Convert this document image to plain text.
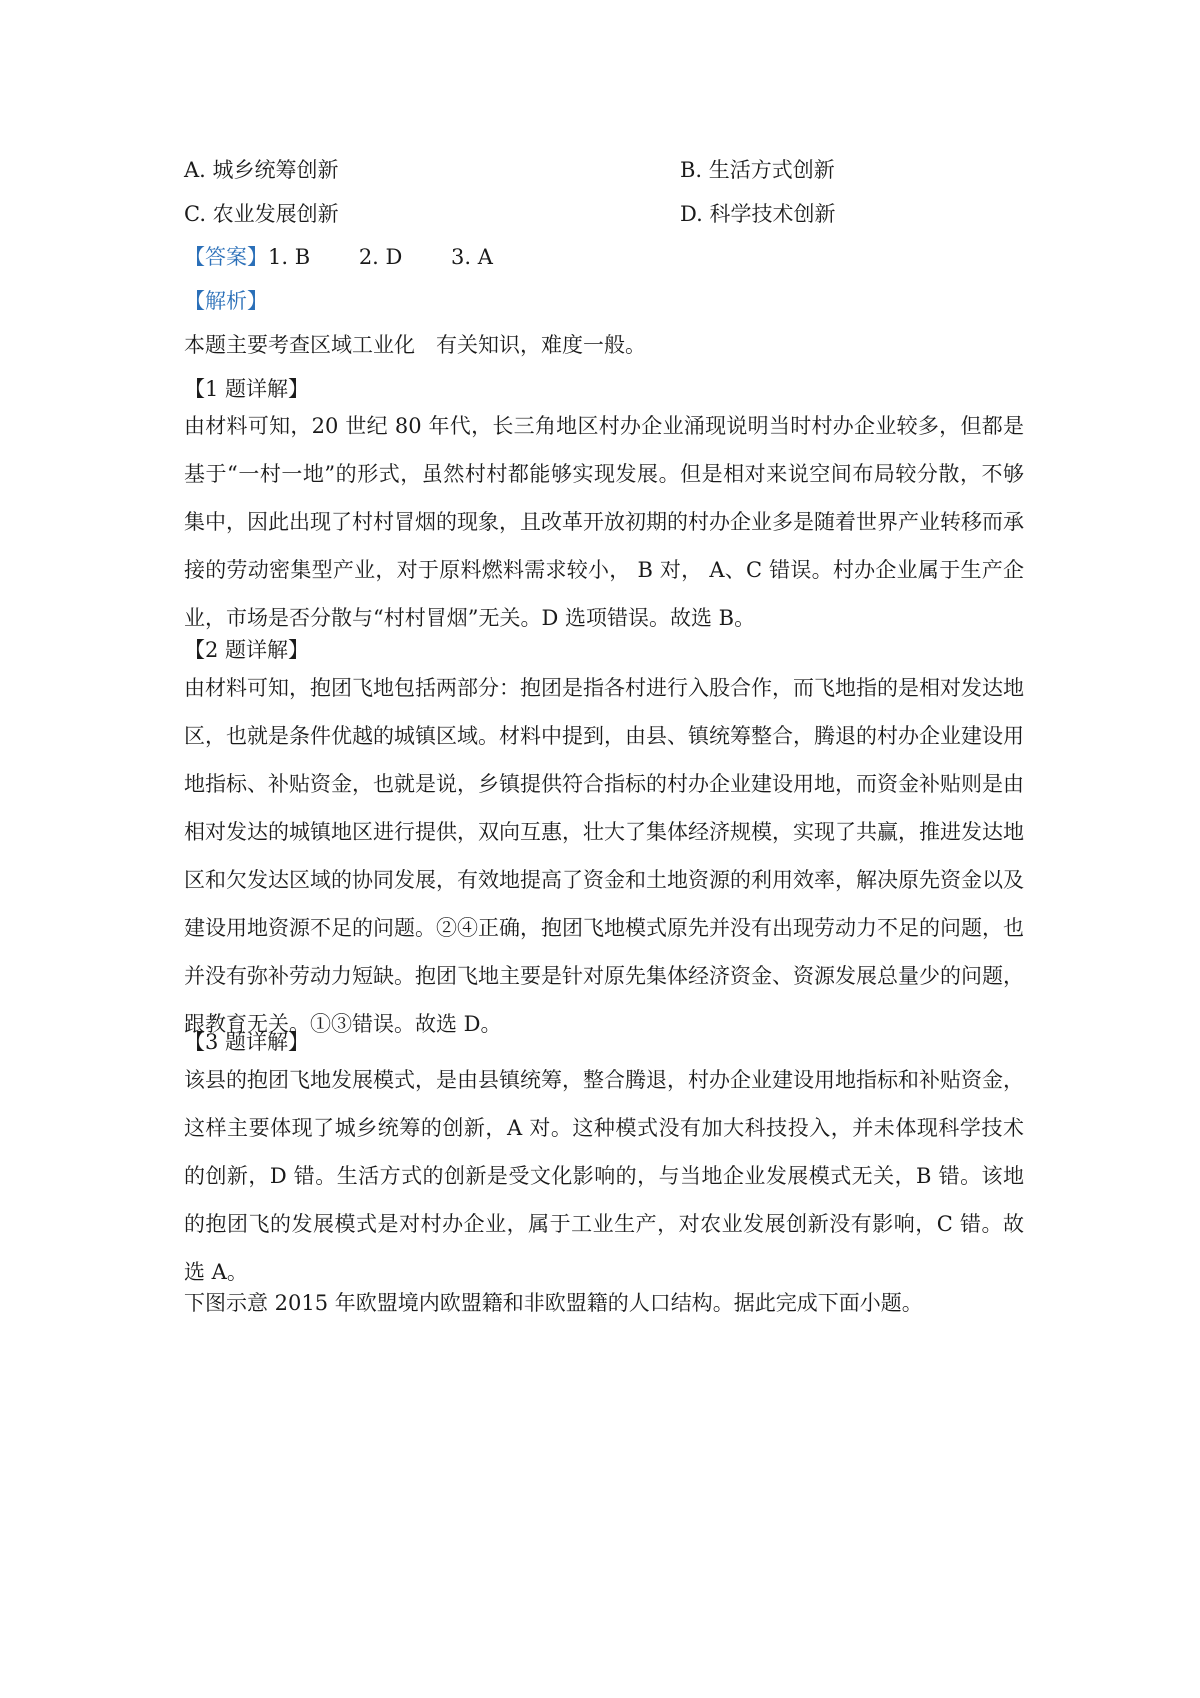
A. 城乡统筹创新	B. 生活方式创新
C. 农业发展创新	D. 科学技术创新
【答案】1. B 　　2. D 　　3. A
【解析】
本题主要考查区域工业化　有关知识，难度一般。
【1 题详解】
由材料可知，20 世纪 80 年代，长三角地区村办企业涌现说明当时村办企业较多，但都是基于“一村一地”的形式，虽然村村都能够实现发展。但是相对来说空间布局较分散，不够集中，因此出现了村村冒烟的现象，且改革开放初期的村办企业多是随着世界产业转移而承接的劳动密集型产业，对于原料燃料需求较小， B 对， A、C 错误。村办企业属于生产企业，市场是否分散与“村村冒烟”无关。D 选项错误。故选 B。
【2 题详解】
由材料可知，抱团飞地包括两部分：抱团是指各村进行入股合作，而飞地指的是相对发达地区，也就是条件优越的城镇区域。材料中提到，由县、镇统筹整合，腾退的村办企业建设用地指标、补贴资金，也就是说，乡镇提供符合指标的村办企业建设用地，而资金补贴则是由相对发达的城镇地区进行提供，双向互惠，壮大了集体经济规模，实现了共赢，推进发达地区和欠发达区域的协同发展，有效地提高了资金和土地资源的利用效率，解决原先资金以及建设用地资源不足的问题。②④正确，抱团飞地模式原先并没有出现劳动力不足的问题，也并没有弥补劳动力短缺。抱团飞地主要是针对原先集体经济资金、资源发展总量少的问题，跟教育无关。①③错误。故选 D。
【3 题详解】
该县的抱团飞地发展模式，是由县镇统筹，整合腾退，村办企业建设用地指标和补贴资金，这样主要体现了城乡统筹的创新，A 对。这种模式没有加大科技投入，并未体现科学技术的创新，D 错。生活方式的创新是受文化影响的，与当地企业发展模式无关，B 错。该地的抱团飞的发展模式是对村办企业，属于工业生产，对农业发展创新没有影响，C 错。故选 A。
下图示意 2015 年欧盟境内欧盟籍和非欧盟籍的人口结构。据此完成下面小题。
